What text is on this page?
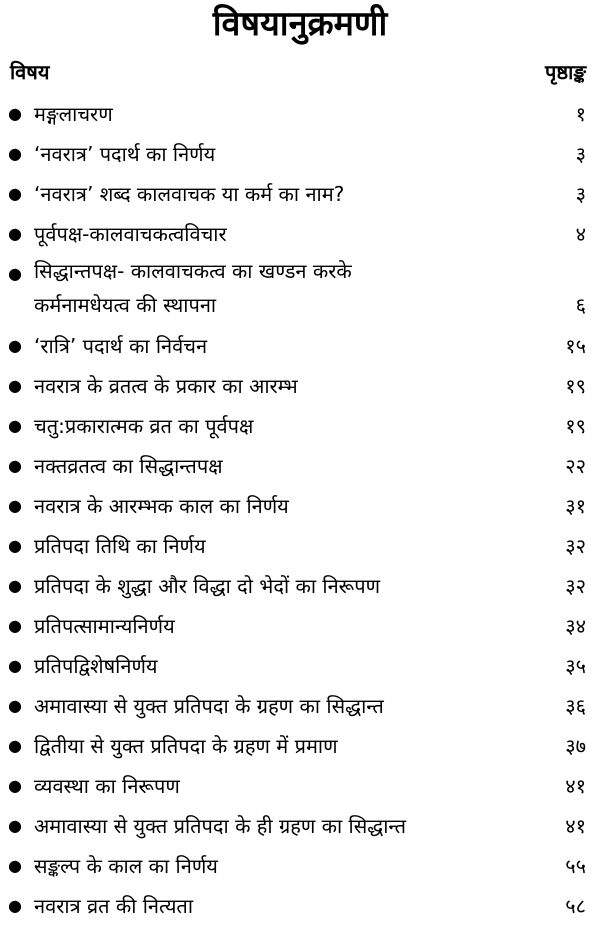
विषयानुक्रमणी
विषय	पृष्ठाङ्क
● मङ्गलाचरण	१
● ‘नवरात्र’ पदार्थ का निर्णय	३
● ‘नवरात्र’ शब्द कालवाचक या कर्म का नाम?	३
● पूर्वपक्ष-कालवाचकत्वविचार	४
● सिद्धान्तपक्ष- कालवाचकत्व का खण्डन करके
कर्मनामधेयत्व की स्थापना	६
● ‘रात्रि’ पदार्थ का निर्वचन	१५
● नवरात्र के व्रतत्व के प्रकार का आरम्भ	१९
● चतु:प्रकारात्मक व्रत का पूर्वपक्ष	१९
● नक्तव्रतत्व का सिद्धान्तपक्ष	२२
● नवरात्र के आरम्भक काल का निर्णय	३१
● प्रतिपदा तिथि का निर्णय	३२
● प्रतिपदा के शुद्धा और विद्धा दो भेदों का निरूपण	३२
● प्रतिपत्सामान्यनिर्णय	३४
● प्रतिपद्विशेषनिर्णय	३५
● अमावास्या से युक्त प्रतिपदा के ग्रहण का सिद्धान्त	३६
● द्वितीया से युक्त प्रतिपदा के ग्रहण में प्रमाण	३७
● व्यवस्था का निरूपण	४१
● अमावास्या से युक्त प्रतिपदा के ही ग्रहण का सिद्धान्त	४१
● सङ्कल्प के काल का निर्णय	५५
● नवरात्र व्रत की नित्यता	५८
